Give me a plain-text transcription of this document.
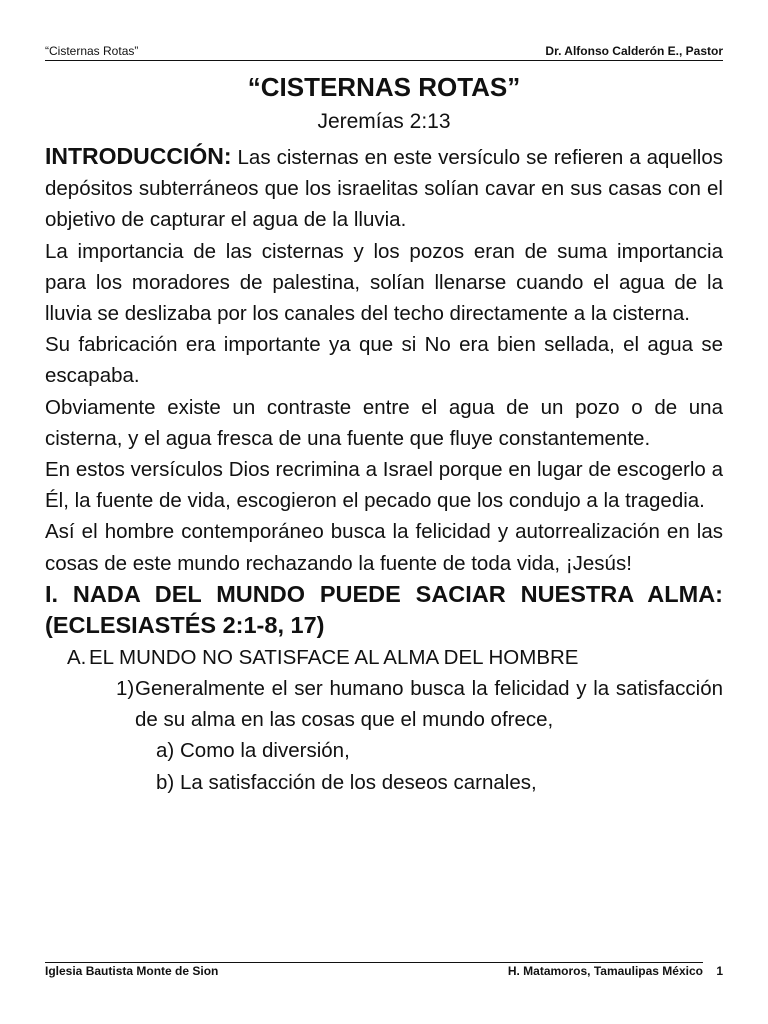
“Cisternas Rotas”	Dr. Alfonso Calderón E., Pastor
“CISTERNAS ROTAS”
Jeremías 2:13

INTRODUCCIÓN: Las cisternas en este versículo se refieren a aquellos depósitos subterráneos que los israelitas solían cavar en sus casas con el objetivo de capturar el agua de la lluvia.

La importancia de las cisternas y los pozos eran de suma importancia para los moradores de palestina, solían llenarse cuando el agua de la lluvia se deslizaba por los canales del techo directamente a la cisterna.

Su fabricación era importante ya que si No era bien sellada, el agua se escapaba.

Obviamente existe un contraste entre el agua de un pozo o de una cisterna, y el agua fresca de una fuente que fluye constantemente.

En estos versículos Dios recrimina a Israel porque en lugar de escogerlo a Él, la fuente de vida, escogieron el pecado que los condujo a la tragedia.

Así el hombre contemporáneo busca la felicidad y autorrealización en las cosas de este mundo rechazando la fuente de toda vida, ¡Jesús!

I. NADA DEL MUNDO PUEDE SACIAR NUESTRA ALMA: (ECLESIASTÉS 2:1-8, 17)

A. EL MUNDO NO SATISFACE AL ALMA DEL HOMBRE
1) Generalmente el ser humano busca la felicidad y la satisfacción de su alma en las cosas que el mundo ofrece,
a) Como la diversión,
b) La satisfacción de los deseos carnales,
Iglesia Bautista Monte de Sion	H. Matamoros, Tamaulipas México	1
